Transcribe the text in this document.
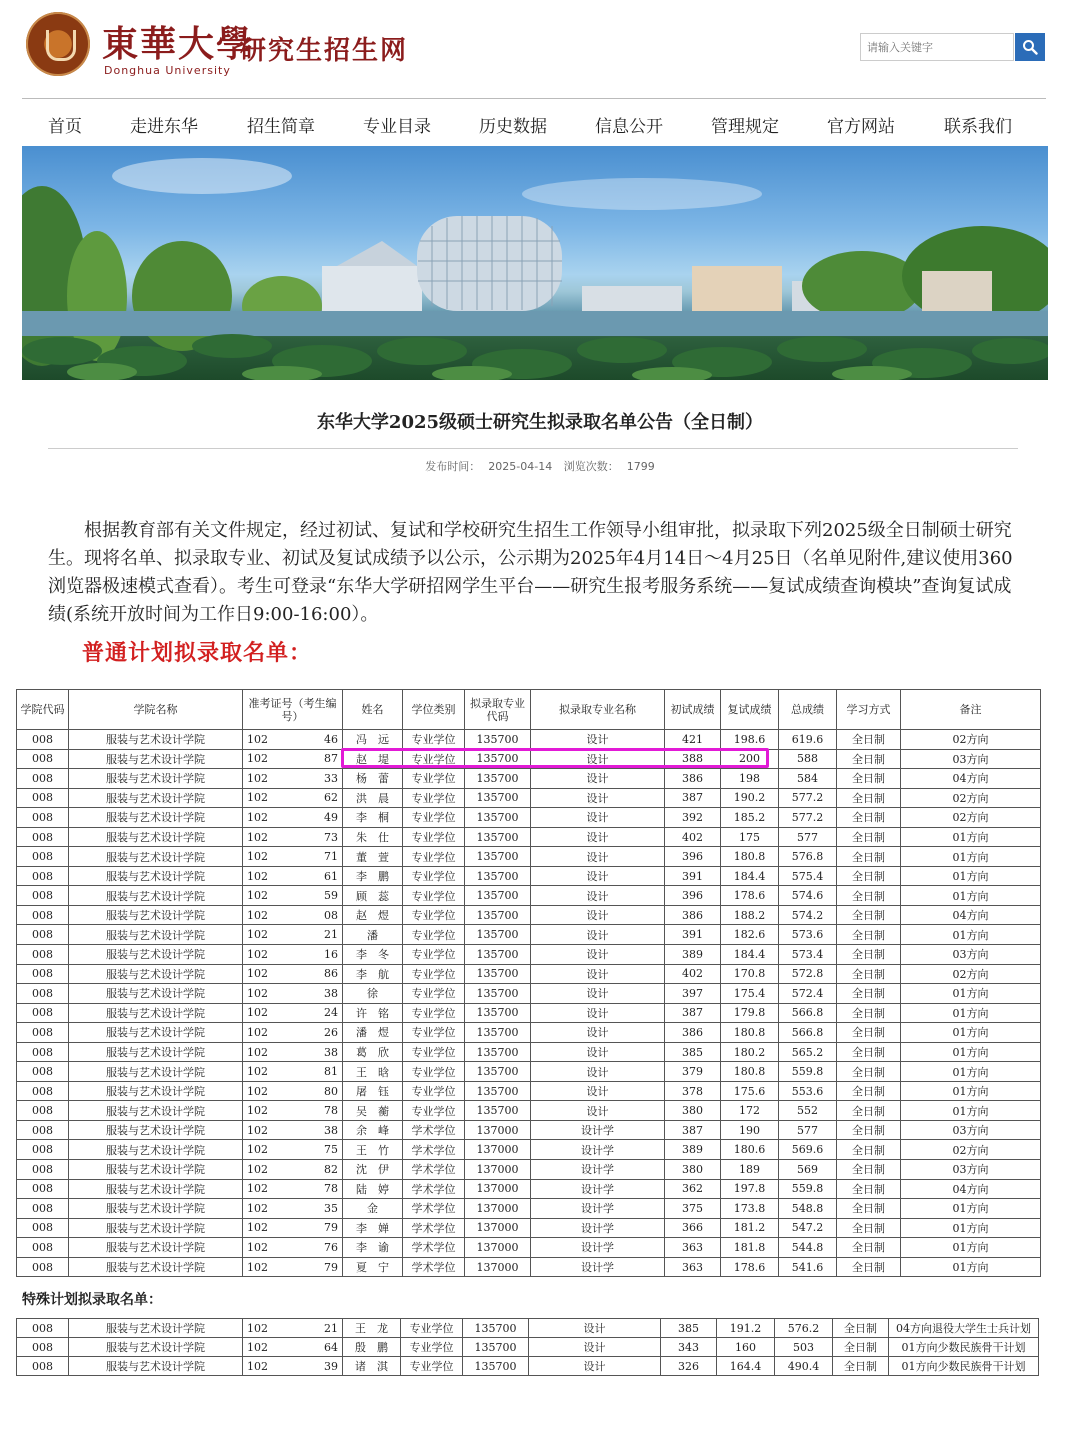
東華大學
Donghua University
研究生招生网
请输入关键字
首页	走进东华	招生简章	专业目录	历史数据	信息公开	管理规定	官方网站	联系我们
东华大学2025级硕士研究生拟录取名单公告（全日制）
发布时间： 2025-04-14 浏览次数： 1799
根据教育部有关文件规定，经过初试、复试和学校研究生招生工作领导小组审批，拟录取下列2025级全日制硕士研究生。现将名单、拟录取专业、初试及复试成绩予以公示，公示期为2025年4月14日～4月25日（名单见附件,建议使用360浏览器极速模式查看）。考生可登录“东华大学研招网学生平台——研究生报考服务系统——复试成绩查询模块”查询复试成绩(系统开放时间为工作日9:00-16:00）。
普通计划拟录取名单：
学院代码	学院名称	准考证号（考生编号）	姓名	学位类别	拟录取专业代码	拟录取专业名称	初试成绩	复试成绩	总成绩	学习方式	备注
008	服装与艺术设计学院	102 46	冯　远	专业学位	135700	设计	421	198.6	619.6	全日制	02方向
008	服装与艺术设计学院	102 87	赵　堤	专业学位	135700	设计	388	200	588	全日制	03方向
008	服装与艺术设计学院	102 33	杨　蕾	专业学位	135700	设计	386	198	584	全日制	04方向
008	服装与艺术设计学院	102 62	洪　晨	专业学位	135700	设计	387	190.2	577.2	全日制	02方向
008	服装与艺术设计学院	102 49	李　桐	专业学位	135700	设计	392	185.2	577.2	全日制	02方向
008	服装与艺术设计学院	102 73	朱　仕	专业学位	135700	设计	402	175	577	全日制	01方向
008	服装与艺术设计学院	102 71	董　萱	专业学位	135700	设计	396	180.8	576.8	全日制	01方向
008	服装与艺术设计学院	102 61	李　鹏	专业学位	135700	设计	391	184.4	575.4	全日制	01方向
008	服装与艺术设计学院	102 59	顾　蕊	专业学位	135700	设计	396	178.6	574.6	全日制	01方向
008	服装与艺术设计学院	102 08	赵　煜	专业学位	135700	设计	386	188.2	574.2	全日制	04方向
008	服装与艺术设计学院	102 21	潘　	专业学位	135700	设计	391	182.6	573.6	全日制	01方向
008	服装与艺术设计学院	102 16	李　冬	专业学位	135700	设计	389	184.4	573.4	全日制	03方向
008	服装与艺术设计学院	102 86	李　航	专业学位	135700	设计	402	170.8	572.8	全日制	02方向
008	服装与艺术设计学院	102 38	徐　	专业学位	135700	设计	397	175.4	572.4	全日制	01方向
008	服装与艺术设计学院	102 24	许　铭	专业学位	135700	设计	387	179.8	566.8	全日制	01方向
008	服装与艺术设计学院	102 26	潘　煜	专业学位	135700	设计	386	180.8	566.8	全日制	01方向
008	服装与艺术设计学院	102 38	葛　欣	专业学位	135700	设计	385	180.2	565.2	全日制	01方向
008	服装与艺术设计学院	102 81	王　晗	专业学位	135700	设计	379	180.8	559.8	全日制	01方向
008	服装与艺术设计学院	102 80	屠　钰	专业学位	135700	设计	378	175.6	553.6	全日制	01方向
008	服装与艺术设计学院	102 78	吴　蘅	专业学位	135700	设计	380	172	552	全日制	01方向
008	服装与艺术设计学院	102 38	余　峰	学术学位	137000	设计学	387	190	577	全日制	03方向
008	服装与艺术设计学院	102 75	王　竹	学术学位	137000	设计学	389	180.6	569.6	全日制	02方向
008	服装与艺术设计学院	102 82	沈　伊	学术学位	137000	设计学	380	189	569	全日制	03方向
008	服装与艺术设计学院	102 78	陆　婷	学术学位	137000	设计学	362	197.8	559.8	全日制	04方向
008	服装与艺术设计学院	102 35	金　	学术学位	137000	设计学	375	173.8	548.8	全日制	01方向
008	服装与艺术设计学院	102 79	李　婵	学术学位	137000	设计学	366	181.2	547.2	全日制	01方向
008	服装与艺术设计学院	102 76	李　谕	学术学位	137000	设计学	363	181.8	544.8	全日制	01方向
008	服装与艺术设计学院	102 79	夏　宁	学术学位	137000	设计学	363	178.6	541.6	全日制	01方向
特殊计划拟录取名单：
008	服装与艺术设计学院	102 21	王　龙	专业学位	135700	设计	385	191.2	576.2	全日制	04方向退役大学生士兵计划
008	服装与艺术设计学院	102 64	殷　鹏	专业学位	135700	设计	343	160	503	全日制	01方向少数民族骨干计划
008	服装与艺术设计学院	102 39	诸　淇	专业学位	135700	设计	326	164.4	490.4	全日制	01方向少数民族骨干计划
